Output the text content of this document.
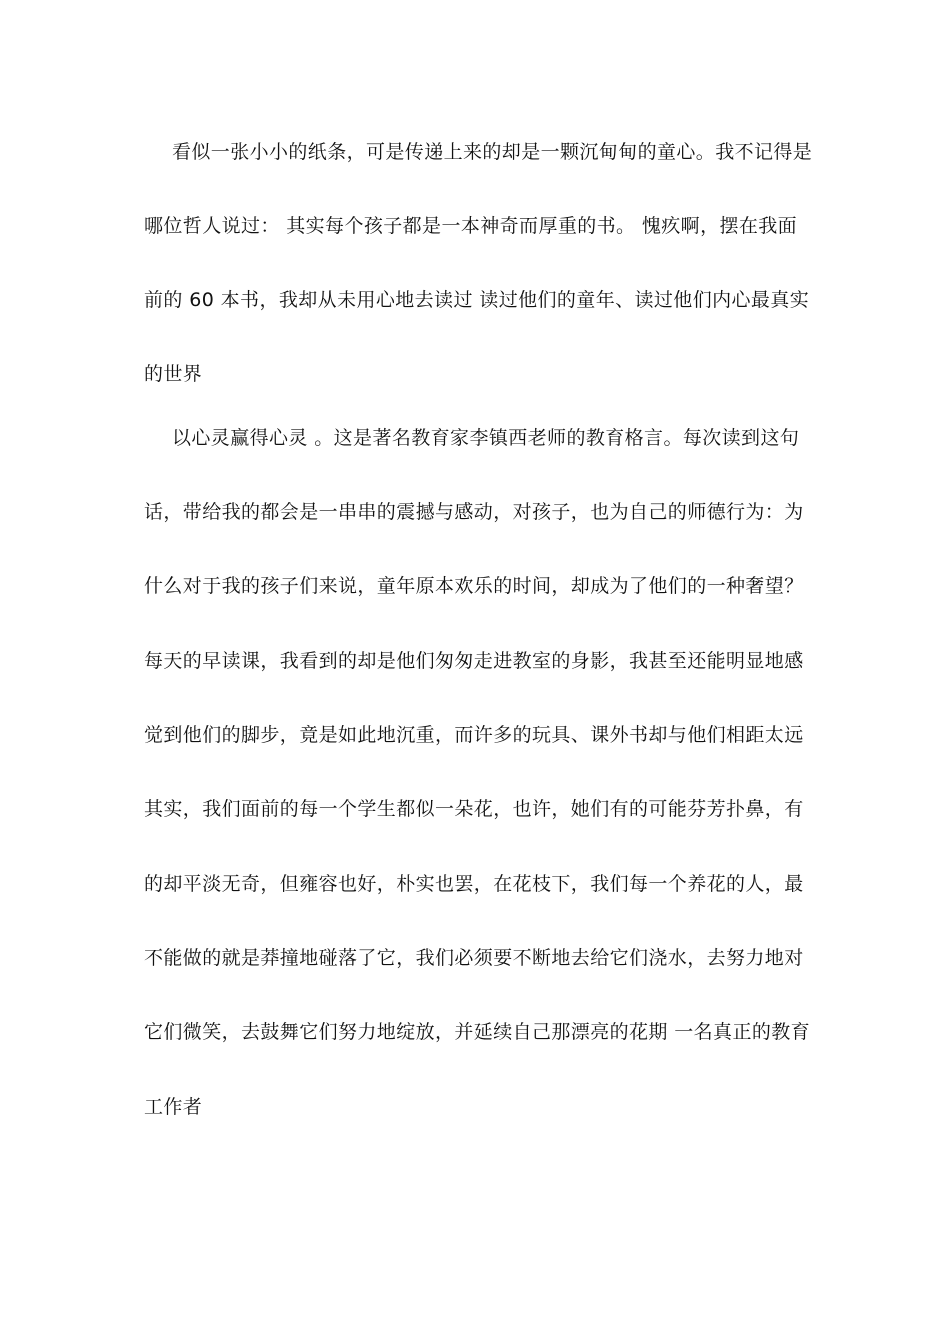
看似一张小小的纸条，可是传递上来的却是一颗沉甸甸的童心。我不记得是
哪位哲人说过： 其实每个孩子都是一本神奇而厚重的书。 愧疚啊，摆在我面
前的 60 本书，我却从未用心地去读过 读过他们的童年、读过他们内心最真实
的世界
以心灵赢得心灵 。这是著名教育家李镇西老师的教育格言。每次读到这句
话，带给我的都会是一串串的震撼与感动，对孩子，也为自己的师德行为：为
什么对于我的孩子们来说，童年原本欢乐的时间，却成为了他们的一种奢望？
每天的早读课，我看到的却是他们匆匆走进教室的身影，我甚至还能明显地感
觉到他们的脚步，竟是如此地沉重，而许多的玩具、课外书却与他们相距太远
其实，我们面前的每一个学生都似一朵花，也许，她们有的可能芬芳扑鼻，有
的却平淡无奇，但雍容也好，朴实也罢，在花枝下，我们每一个养花的人，最
不能做的就是莽撞地碰落了它，我们必须要不断地去给它们浇水，去努力地对
它们微笑，去鼓舞它们努力地绽放，并延续自己那漂亮的花期 一名真正的教育
工作者
